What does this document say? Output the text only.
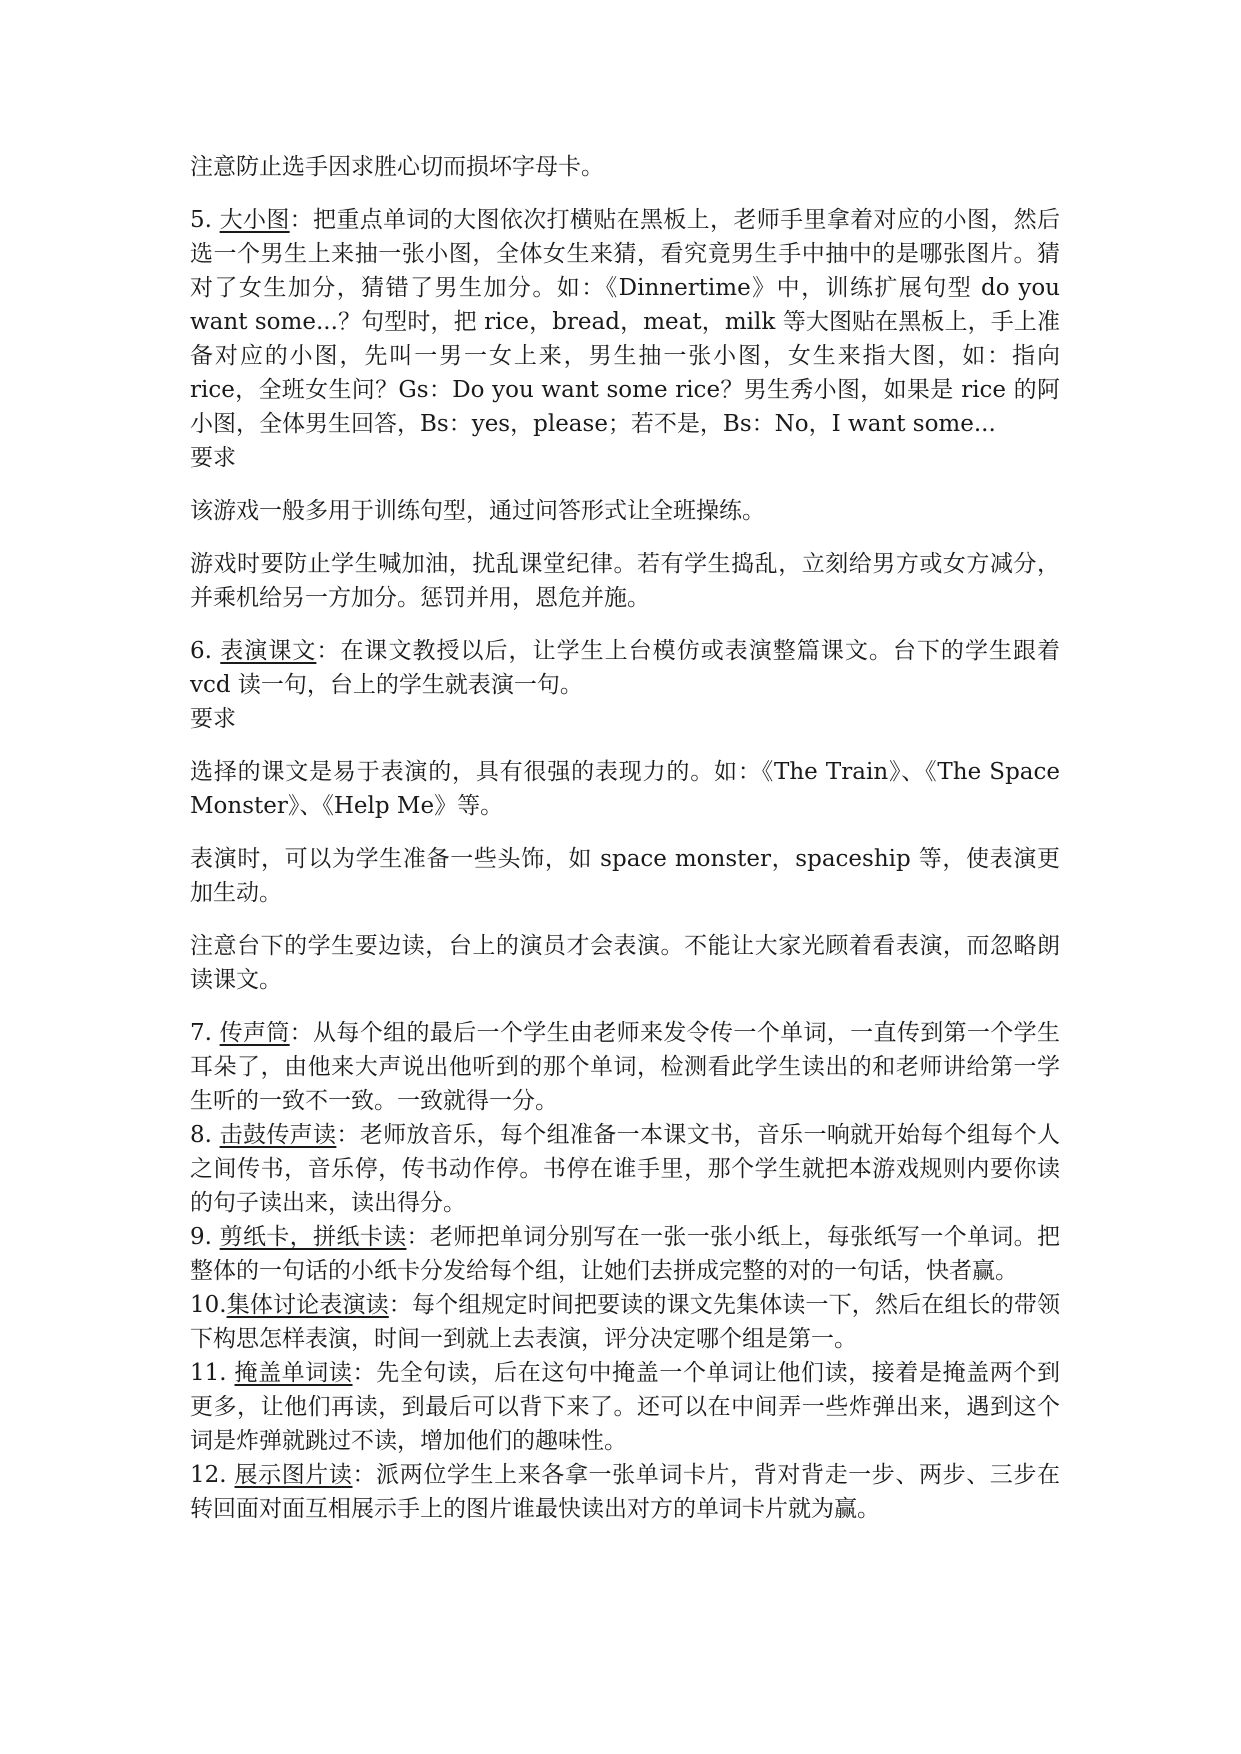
注意防止选手因求胜心切而损坏字母卡。

5. 大小图：把重点单词的大图依次打横贴在黑板上，老师手里拿着对应的小图，然后选一个男生上来抽一张小图，全体女生来猜，看究竟男生手中抽中的是哪张图片。猜对了女生加分，猜错了男生加分。如：《Dinnertime》中，训练扩展句型 do you want some...？句型时，把 rice，bread，meat，milk 等大图贴在黑板上，手上准备对应的小图，先叫一男一女上来，男生抽一张小图，女生来指大图，如：指向 rice，全班女生问？Gs：Do you want some rice？男生秀小图，如果是 rice 的阿小图，全体男生回答，Bs：yes，please；若不是，Bs：No，I want some...

要求

该游戏一般多用于训练句型，通过问答形式让全班操练。

游戏时要防止学生喊加油，扰乱课堂纪律。若有学生捣乱，立刻给男方或女方减分，并乘机给另一方加分。惩罚并用，恩危并施。

6. 表演课文：在课文教授以后，让学生上台模仿或表演整篇课文。台下的学生跟着 vcd 读一句，台上的学生就表演一句。

要求

选择的课文是易于表演的，具有很强的表现力的。如：《The Train》、《The Space Monster》、《Help Me》等。

表演时，可以为学生准备一些头饰，如 space monster，spaceship 等，使表演更加生动。

注意台下的学生要边读，台上的演员才会表演。不能让大家光顾着看表演，而忽略朗读课文。

7. 传声筒：从每个组的最后一个学生由老师来发令传一个单词，一直传到第一个学生耳朵了，由他来大声说出他听到的那个单词，检测看此学生读出的和老师讲给第一学生听的一致不一致。一致就得一分。

8. 击鼓传声读：老师放音乐，每个组准备一本课文书，音乐一响就开始每个组每个人之间传书，音乐停，传书动作停。书停在谁手里，那个学生就把本游戏规则内要你读的句子读出来，读出得分。

9. 剪纸卡，拼纸卡读：老师把单词分别写在一张一张小纸上，每张纸写一个单词。把整体的一句话的小纸卡分发给每个组，让她们去拼成完整的对的一句话，快者赢。

10.集体讨论表演读：每个组规定时间把要读的课文先集体读一下，然后在组长的带领下构思怎样表演，时间一到就上去表演，评分决定哪个组是第一。

11. 掩盖单词读：先全句读，后在这句中掩盖一个单词让他们读，接着是掩盖两个到更多，让他们再读，到最后可以背下来了。还可以在中间弄一些炸弹出来，遇到这个词是炸弹就跳过不读，增加他们的趣味性。

12. 展示图片读：派两位学生上来各拿一张单词卡片，背对背走一步、两步、三步在转回面对面互相展示手上的图片谁最快读出对方的单词卡片就为赢。
